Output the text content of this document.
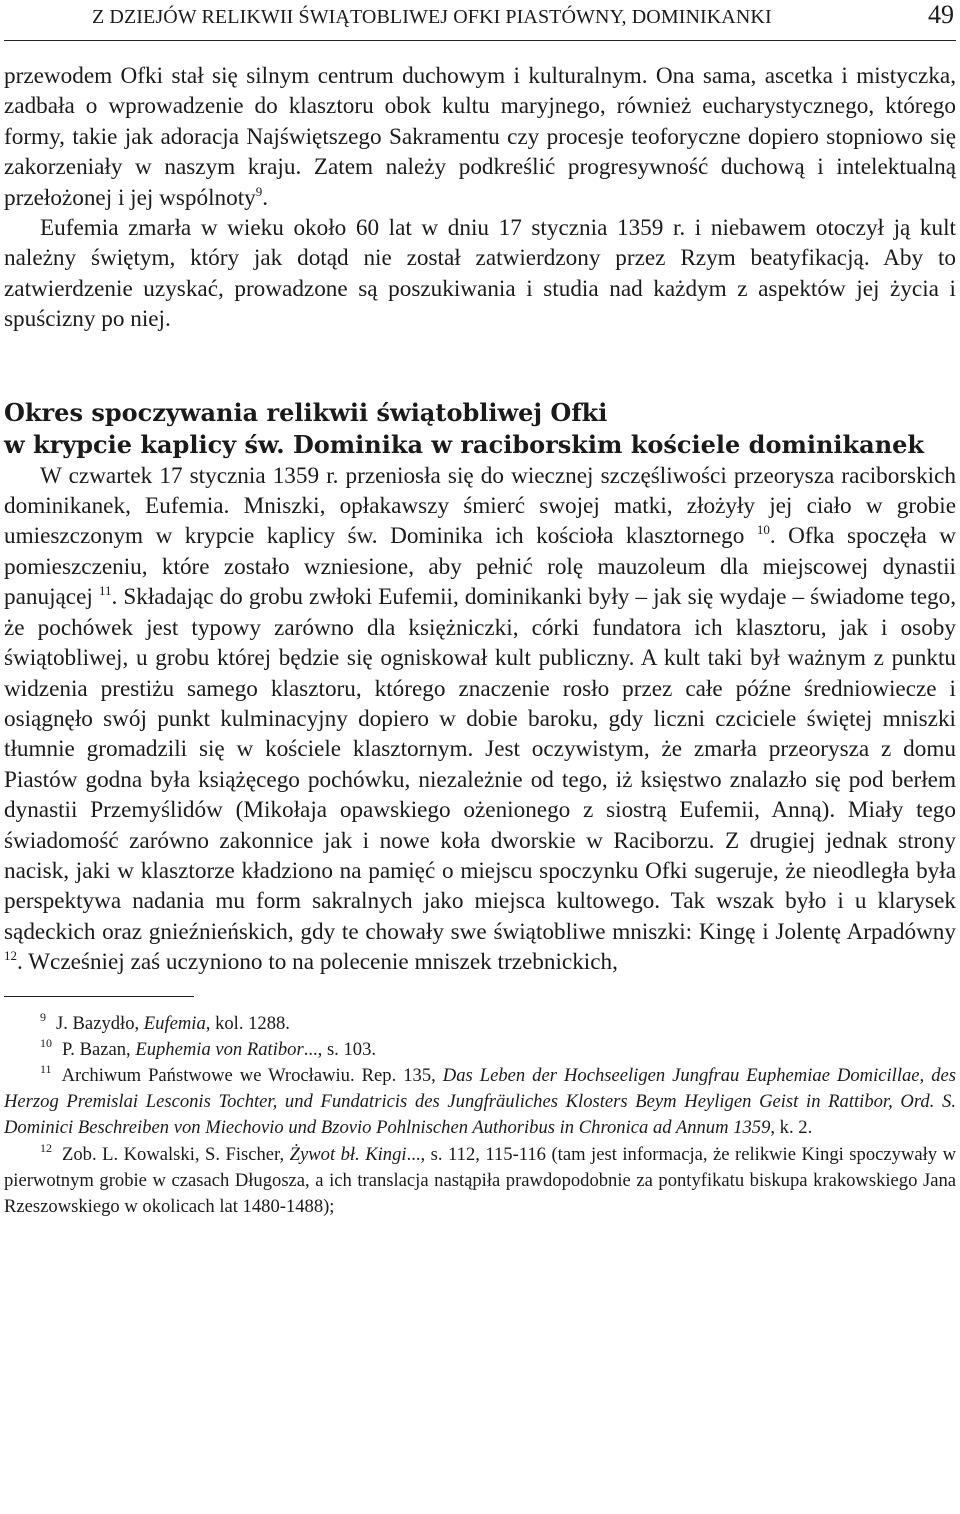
Z DZIEJÓW RELIKWII ŚWIĄTOBLIWEJ OFKI PIASTÓWNY, DOMINIKANKI	49

przewodem Ofki stał się silnym centrum duchowym i kulturalnym. Ona sama, ascetka i mistyczka, zadbała o wprowadzenie do klasztoru obok kultu maryjnego, również eucharystycznego, którego formy, takie jak adoracja Najświętszego Sakramentu czy procesje teoforyczne dopiero stopniowo się zakorzeniały w naszym kraju. Zatem należy podkreślić progresywność duchową i intelektualną przełożonej i jej wspólnoty$^9$.

Eufemia zmarła w wieku około 60 lat w dniu 17 stycznia 1359 r. i niebawem otoczył ją kult należny świętym, który jak dotąd nie został zatwierdzony przez Rzym beatyfikacją. Aby to zatwierdzenie uzyskać, prowadzone są poszukiwania i studia nad każdym z aspektów jej życia i spuścizny po niej.

Okres spoczywania relikwii świątobliwej Ofki
w krypcie kaplicy św. Dominika w raciborskim kościele dominikanek

W czwartek 17 stycznia 1359 r. przeniosła się do wiecznej szczęśliwości przeorysza raciborskich dominikanek, Eufemia. Mniszki, opłakawszy śmierć swojej matki, złożyły jej ciało w grobie umieszczonym w krypcie kaplicy św. Dominika ich kościoła klasztornego $^{10}$. Ofka spoczęła w pomieszczeniu, które zostało wzniesione, aby pełnić rolę mauzoleum dla miejscowej dynastii panującej $^{11}$. Składając do grobu zwłoki Eufemii, dominikanki były – jak się wydaje – świadome tego, że pochówek jest typowy zarówno dla księżniczki, córki fundatora ich klasztoru, jak i osoby świątobliwej, u grobu której będzie się ogniskował kult publiczny. A kult taki był ważnym z punktu widzenia prestiżu samego klasztoru, którego znaczenie rosło przez całe późne średniowiecze i osiągnęło swój punkt kulminacyjny dopiero w dobie baroku, gdy liczni czciciele świętej mniszki tłumnie gromadzili się w kościele klasztornym. Jest oczywistym, że zmarła przeorysza z domu Piastów godna była książęcego pochówku, niezależnie od tego, iż księstwo znalazło się pod berłem dynastii Przemyślidów (Mikołaja opawskiego ożenionego z siostrą Eufemii, Anną). Miały tego świadomość zarówno zakonnice jak i nowe koła dworskie w Raciborzu. Z drugiej jednak strony nacisk, jaki w klasztorze kładziono na pamięć o miejscu spoczynku Ofki sugeruje, że nieodległa była perspektywa nadania mu form sakralnych jako miejsca kultowego. Tak wszak było i u klarysek sądeckich oraz gnieźnieńskich, gdy te chowały swe świątobliwe mniszki: Kingę i Jolentę Arpadówny $^{12}$. Wcześniej zaś uczyniono to na polecenie mniszek trzebnickich,

$^9$ J. Bazydło, Eufemia, kol. 1288.

$^{10}$ P. Bazan, Euphemia von Ratibor..., s. 103.

$^{11}$ Archiwum Państwowe we Wrocławiu. Rep. 135, Das Leben der Hochseeligen Jungfrau Euphemiae Domicillae, des Herzog Premislai Lesconis Tochter, und Fundatricis des Jungfräuliches Klosters Beym Heyligen Geist in Rattibor, Ord. S. Dominici Beschreiben von Miechovio und Bzovio Pohlnischen Authoribus in Chronica ad Annum 1359, k. 2.

$^{12}$ Zob. L. Kowalski, S. Fischer, Żywot bł. Kingi..., s. 112, 115-116 (tam jest informacja, że relikwie Kingi spoczywały w pierwotnym grobie w czasach Długosza, a ich translacja nastąpiła prawdopodobnie za pontyfikatu biskupa krakowskiego Jana Rzeszowskiego w okolicach lat 1480-1488);
